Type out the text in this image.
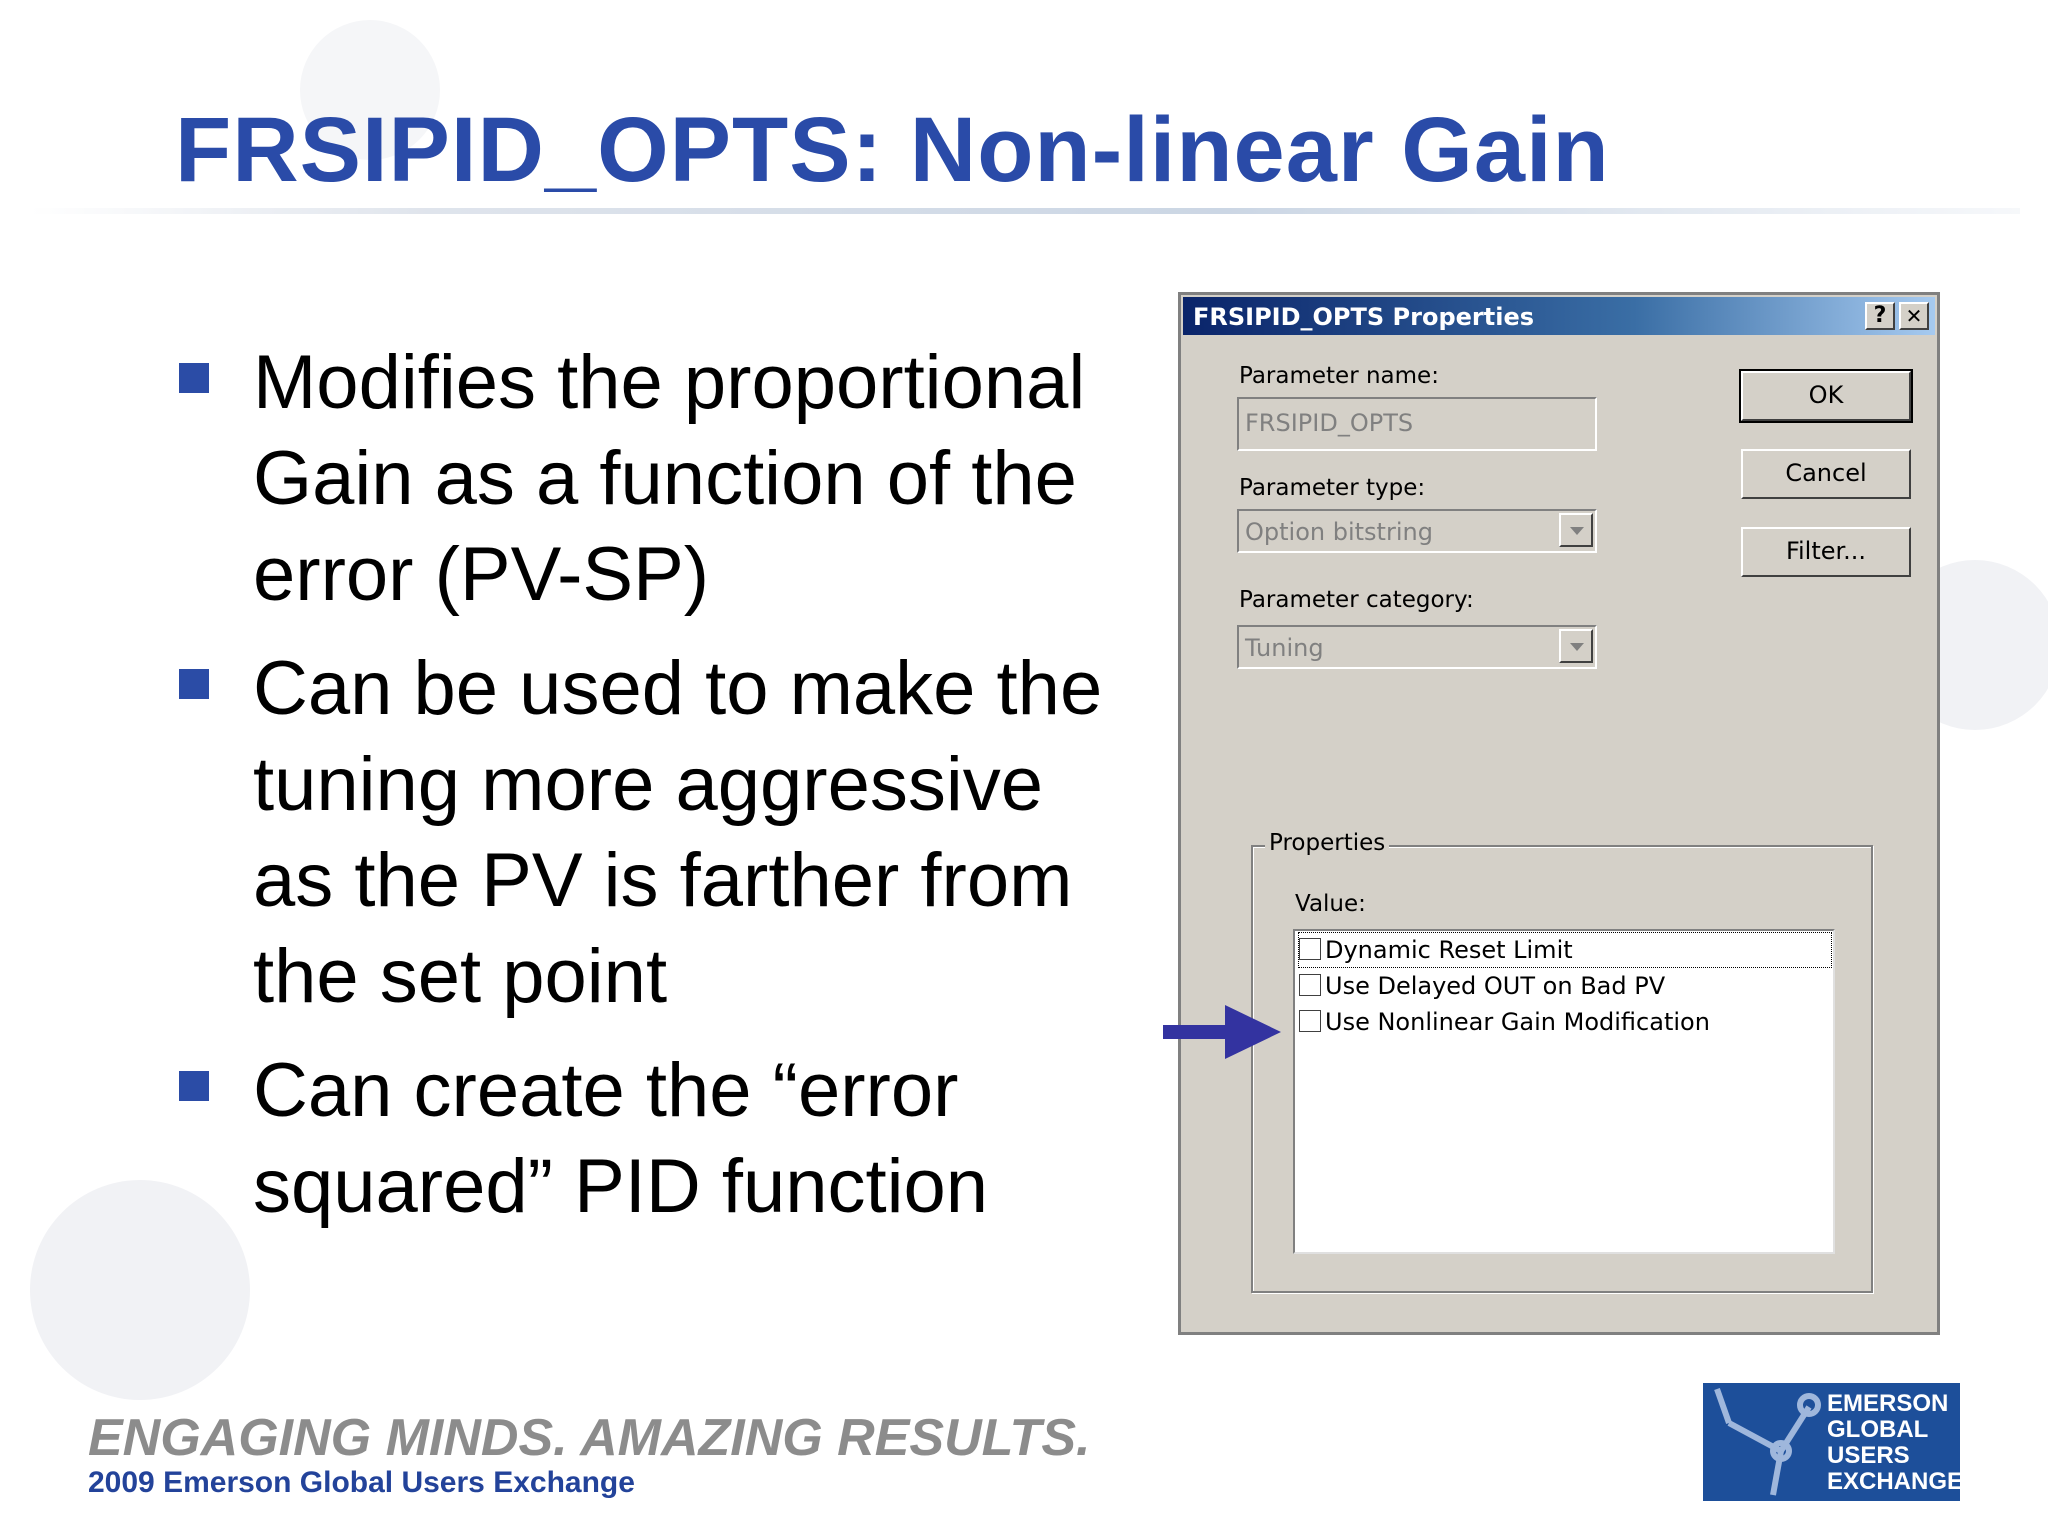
FRSIPID_OPTS: Non-linear Gain
Modifies the proportional Gain as a function of the error (PV-SP)
Can be used to make the tuning more aggressive as the PV is farther from the set point
Can create the “error squared” PID function
FRSIPID_OPTS Properties	? ✕
Parameter name:
FRSIPID_OPTS
Parameter type:
Option bitstring
Parameter category:
Tuning
OK
Cancel
Filter...
Properties
Value:
Dynamic Reset Limit
Use Delayed OUT on Bad PV
Use Nonlinear Gain Modification
ENGAGING MINDS. AMAZING RESULTS.
2009 Emerson Global Users Exchange
EMERSON
GLOBAL
USERS
EXCHANGE
